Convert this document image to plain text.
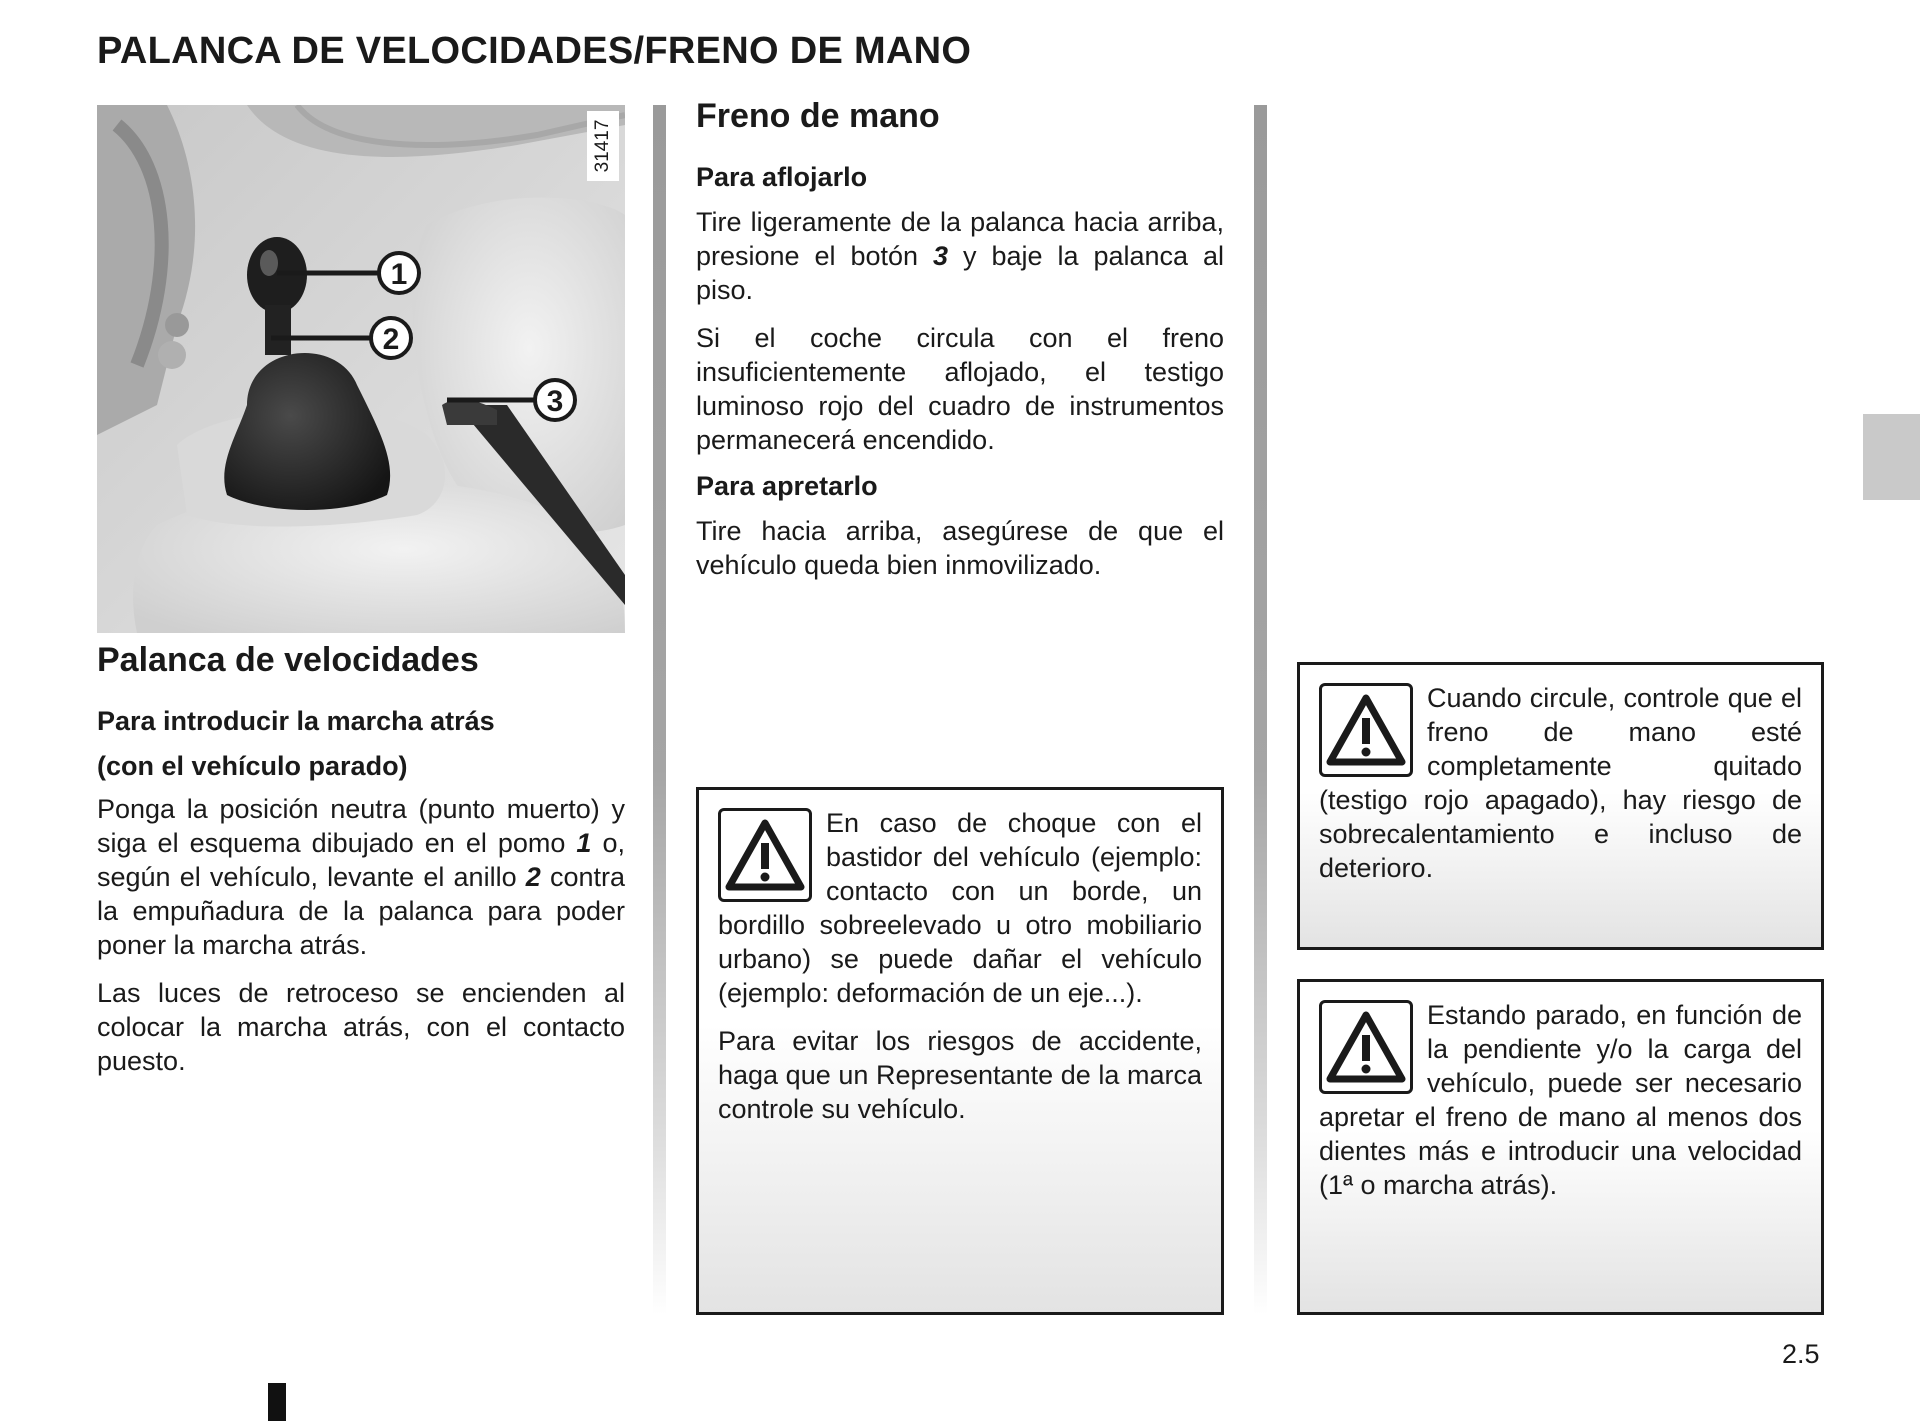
PALANCA DE VELOCIDADES/FRENO DE MANO
1
2
3
31417
Palanca de velocidades
Para introducir la marcha atrás
(con el vehículo parado)

Ponga la posición neutra (punto muerto) y siga el esquema dibujado en el pomo 1 o, según el vehículo, levante el anillo 2 contra la empuñadura de la palanca para poder poner la marcha atrás.

Las luces de retroceso se encienden al colocar la marcha atrás, con el contacto puesto.

Freno de mano
Para aflojarlo

Tire ligeramente de la palanca hacia arriba, presione el botón 3 y baje la palanca al piso.

Si el coche circula con el freno insuficientemente aflojado, el testigo luminoso rojo del cuadro de instrumentos permanecerá encendido.

Para apretarlo

Tire hacia arriba, asegúrese de que el vehículo queda bien inmovilizado.

En caso de choque con el bastidor del vehículo (ejemplo: contacto con un borde, un bordillo sobreelevado u otro mobiliario urbano) se puede dañar el vehículo (ejemplo: deformación de un eje...).

Para evitar los riesgos de accidente, haga que un Representante de la marca controle su vehículo.

Cuando circule, controle que el freno de mano esté completamente quitado (testigo rojo apagado), hay riesgo de sobrecalentamiento e incluso de deterioro.

Estando parado, en función de la pendiente y/o la carga del vehículo, puede ser necesario apretar el freno de mano al menos dos dientes más e introducir una velocidad (1ª o marcha atrás).

2.5
